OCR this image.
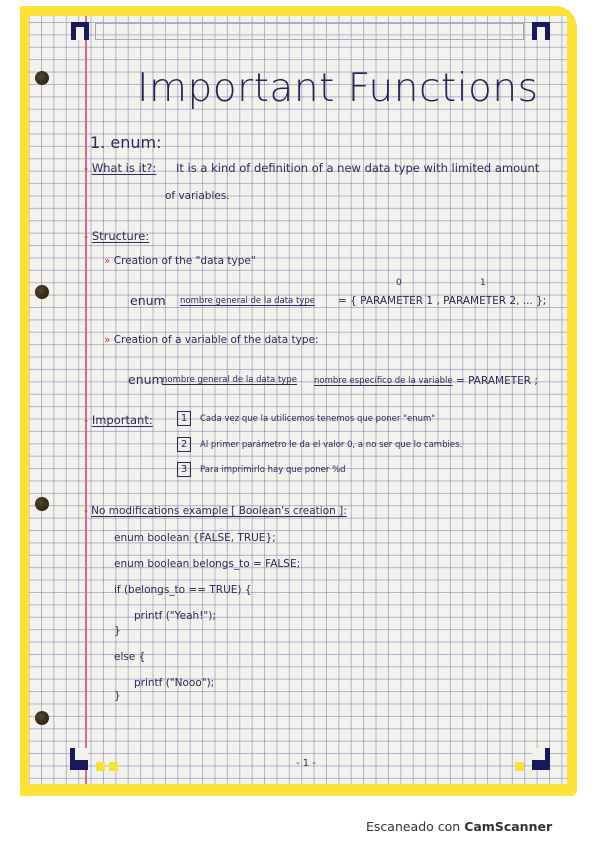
Important Functions
1. enum:
- What is it?: It is a kind of definition of a new data type with limited amount
of variables.
- Structure:
» Creation of the "data type"
enum nombre general de la data type = { PARAMETER 1 , PARAMETER 2, ... };
0	1
» Creation of a variable of the data type:
enum
nombre general de la data type nombre específico de la variable = PARAMETER ;
- Important:	1	Cada vez que la utilicemos tenemos que poner "enum"
2	Al primer parámetro le da el valor 0, a no ser que lo cambies.
3	Para imprimirlo hay que poner %d
- No modifications example [ Boolean's creation ]:
enum boolean {FALSE, TRUE};
enum boolean belongs_to = FALSE;
if (belongs_to == TRUE) {
printf ("Yeah!");
}
else {
printf ("Nooo");
}
- 1 -
Escaneado con CamScanner
